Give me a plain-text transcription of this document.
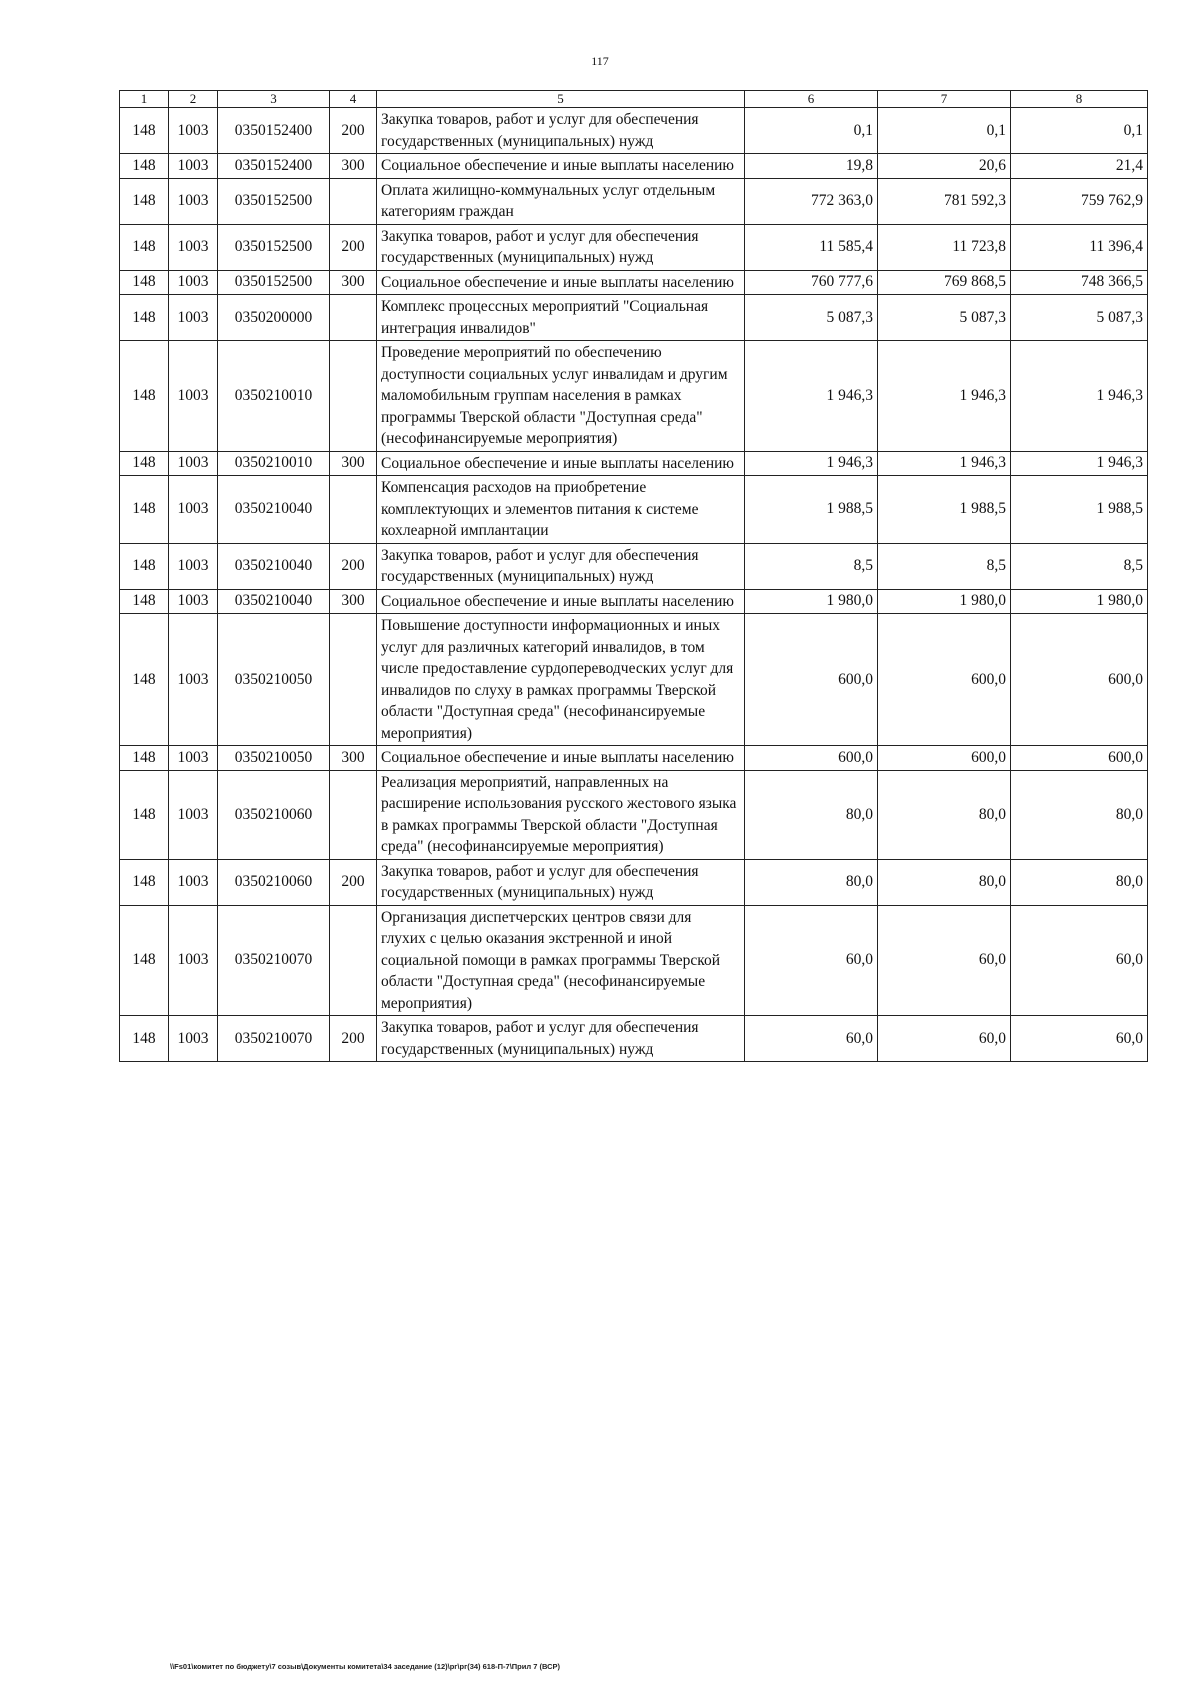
117
1	2	3	4	5	6	7	8
148	1003	0350152400	200	Закупка товаров, работ и услуг для обеспечения государственных (муниципальных) нужд	0,1	0,1	0,1
148	1003	0350152400	300	Социальное обеспечение и иные выплаты населению	19,8	20,6	21,4
148	1003	0350152500		Оплата жилищно-коммунальных услуг отдельным категориям граждан	772 363,0	781 592,3	759 762,9
148	1003	0350152500	200	Закупка товаров, работ и услуг для обеспечения государственных (муниципальных) нужд	11 585,4	11 723,8	11 396,4
148	1003	0350152500	300	Социальное обеспечение и иные выплаты населению	760 777,6	769 868,5	748 366,5
148	1003	0350200000		Комплекс процессных мероприятий "Социальная интеграция инвалидов"	5 087,3	5 087,3	5 087,3
148	1003	0350210010		Проведение мероприятий по обеспечению доступности социальных услуг инвалидам и другим маломобильным группам населения в рамках программы Тверской области "Доступная среда" (несофинансируемые мероприятия)	1 946,3	1 946,3	1 946,3
148	1003	0350210010	300	Социальное обеспечение и иные выплаты населению	1 946,3	1 946,3	1 946,3
148	1003	0350210040		Компенсация расходов на приобретение комплектующих и элементов питания к системе кохлеарной имплантации	1 988,5	1 988,5	1 988,5
148	1003	0350210040	200	Закупка товаров, работ и услуг для обеспечения государственных (муниципальных) нужд	8,5	8,5	8,5
148	1003	0350210040	300	Социальное обеспечение и иные выплаты населению	1 980,0	1 980,0	1 980,0
148	1003	0350210050		Повышение доступности информационных и иных услуг для различных категорий инвалидов, в том числе предоставление сурдопереводческих услуг для инвалидов по слуху в рамках программы Тверской области "Доступная среда" (несофинансируемые мероприятия)	600,0	600,0	600,0
148	1003	0350210050	300	Социальное обеспечение и иные выплаты населению	600,0	600,0	600,0
148	1003	0350210060		Реализация мероприятий, направленных на расширение использования русского жестового языка в рамках программы Тверской области "Доступная среда" (несофинансируемые мероприятия)	80,0	80,0	80,0
148	1003	0350210060	200	Закупка товаров, работ и услуг для обеспечения государственных (муниципальных) нужд	80,0	80,0	80,0
148	1003	0350210070		Организация диспетчерских центров связи для глухих с целью оказания экстренной и иной социальной помощи в рамках программы Тверской области "Доступная среда" (несофинансируемые мероприятия)	60,0	60,0	60,0
148	1003	0350210070	200	Закупка товаров, работ и услуг для обеспечения государственных (муниципальных) нужд	60,0	60,0	60,0
\\Fs01\комитет по бюджету\7 созыв\Документы комитета\34 заседание (12)\рг\рг(34) 618-П-7\Прил 7 (ВСР)
